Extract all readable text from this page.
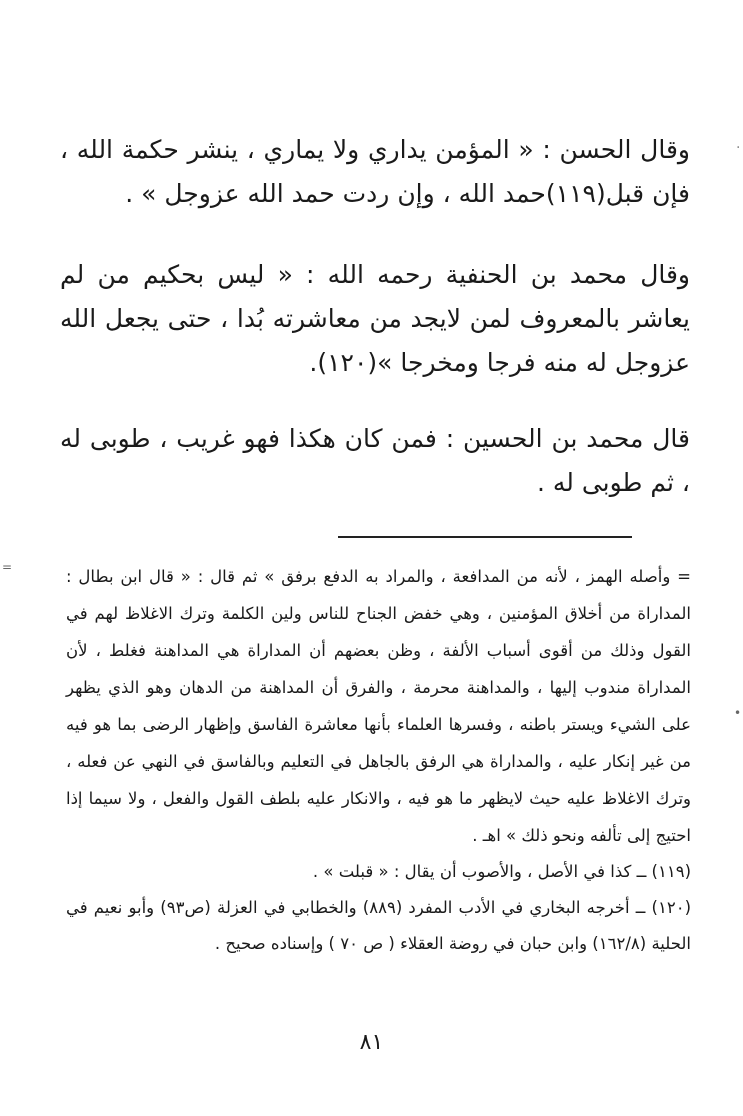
وقال الحسن : « المؤمن يداري ولا يماري ، ينشر حكمة الله ، فإن قبل(١١٩)حمد الله ، وإن ردت حمد الله عزوجل » .

وقال محمد بن الحنفية رحمه الله : « ليس بحكيم من لم يعاشر بالمعروف لمن لايجد من معاشرته بُدا ، حتى يجعل الله عزوجل له منه فرجا ومخرجا »(١٢٠).

قال محمد بن الحسين : فمن كان هكذا فهو غريب ، طوبى له ، ثم طوبى له .

= وأصله الهمز ، لأنه من المدافعة ، والمراد به الدفع برفق » ثم قال : « قال ابن بطال : المداراة من أخلاق المؤمنين ، وهي خفض الجناح للناس ولين الكلمة وترك الاغلاظ لهم في القول وذلك من أقوى أسباب الألفة ، وظن بعضهم أن المداراة هي المداهنة فغلط ، لأن المداراة مندوب إليها ، والمداهنة محرمة ، والفرق أن المداهنة من الدهان وهو الذي يظهر على الشيء ويستر باطنه ، وفسرها العلماء بأنها معاشرة الفاسق وإظهار الرضى بما هو فيه من غير إنكار عليه ، والمداراة هي الرفق بالجاهل في التعليم وبالفاسق في النهي عن فعله ، وترك الاغلاظ عليه حيث لايظهر ما هو فيه ، والانكار عليه بلطف القول والفعل ، ولا سيما إذا احتيج إلى تألفه ونحو ذلك » اهـ .

(١١٩) ــ كذا في الأصل ، والأصوب أن يقال : « قبلت » .

(١٢٠) ــ أخرجه البخاري في الأدب المفرد (٨٨٩) والخطابي في العزلة (ص٩٣) وأبو نعيم في الحلية (١٦٢/٨) وابن حبان في روضة العقلاء ( ص ٧٠ ) وإسناده صحيح .

٨١
=
•
·
